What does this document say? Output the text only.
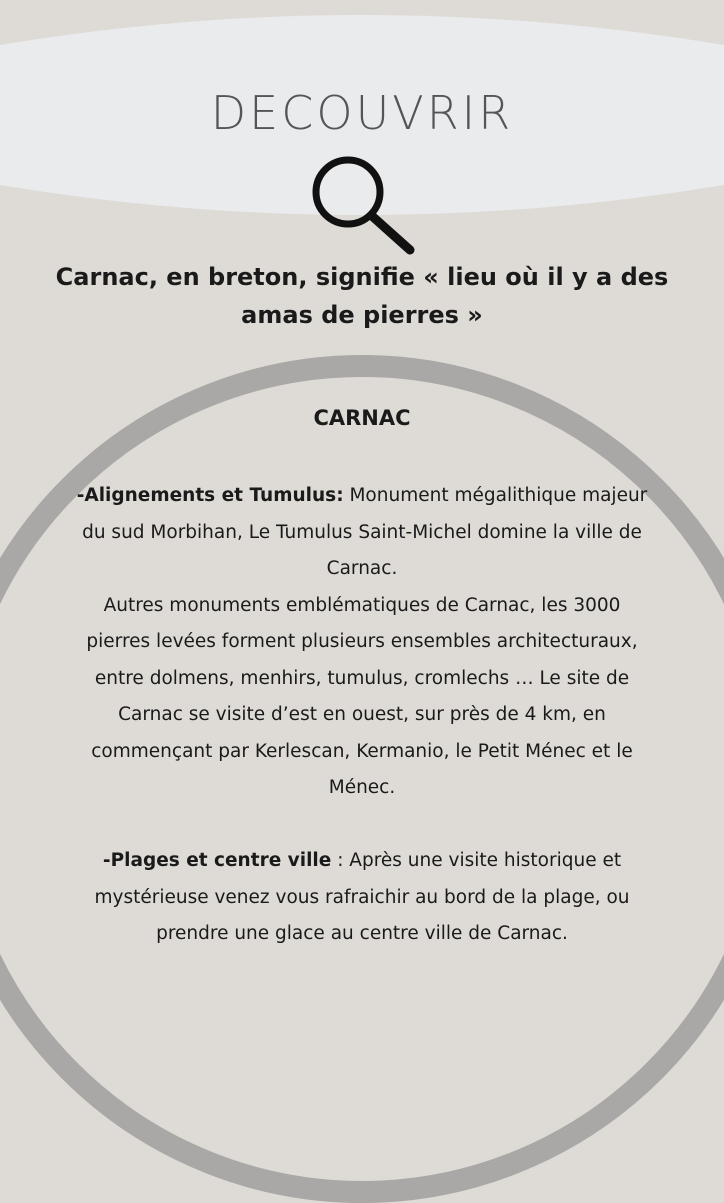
DECOUVRIR
Carnac, en breton, signifie « lieu où il y a des amas de pierres »
CARNAC

-Alignements et Tumulus: Monument mégalithique majeur du sud Morbihan, Le Tumulus Saint-Michel domine la ville de Carnac.

Autres monuments emblématiques de Carnac, les 3000 pierres levées forment plusieurs ensembles architecturaux, entre dolmens, menhirs, tumulus, cromlechs … Le site de Carnac se visite d’est en ouest, sur près de 4 km, en commençant par Kerlescan, Kermanio, le Petit Ménec et le Ménec.

-Plages et centre ville : Après une visite historique et mystérieuse venez vous rafraichir au bord de la plage, ou prendre une glace au centre ville de Carnac.
